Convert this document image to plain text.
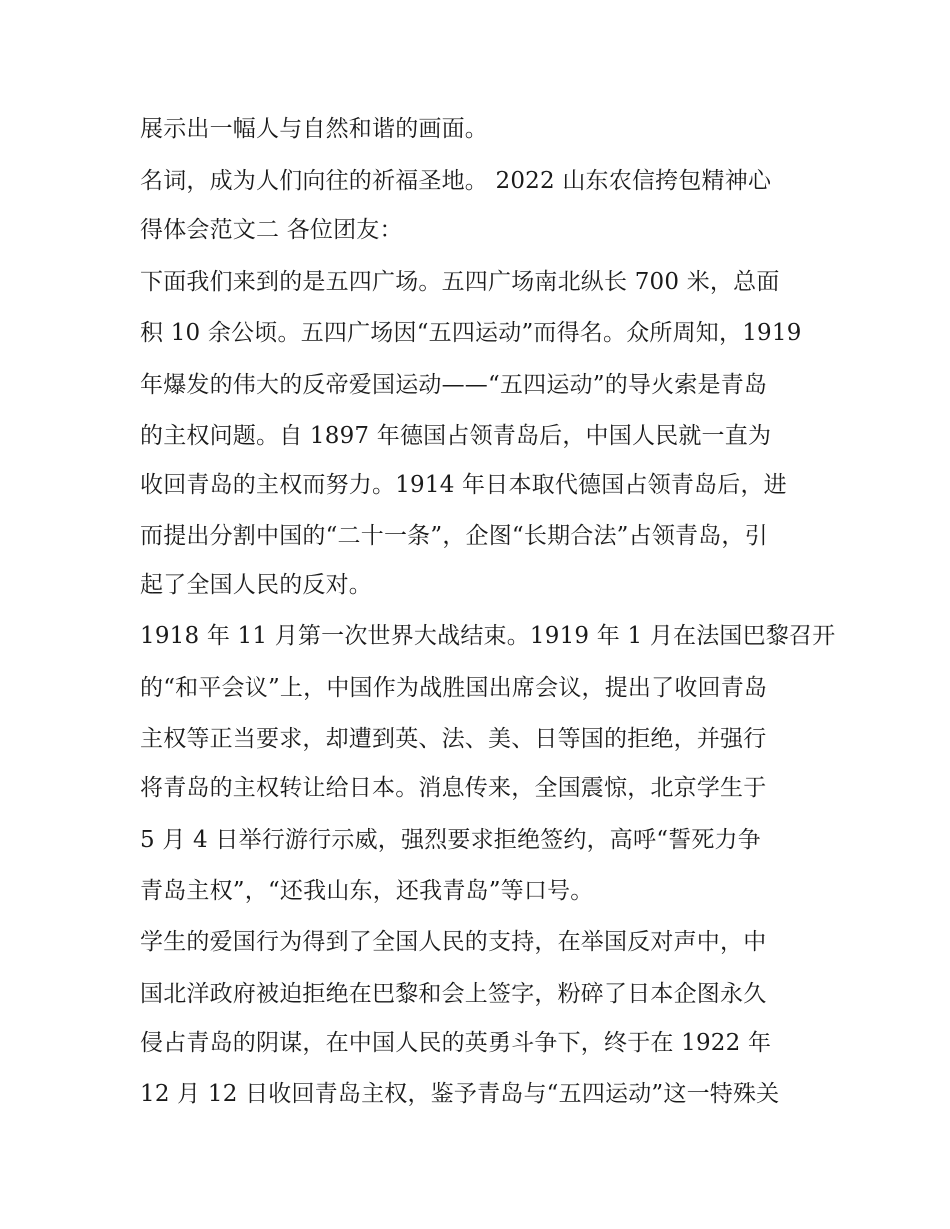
展示出一幅人与自然和谐的画面。
名词，成为人们向往的祈福圣地。 2022 山东农信挎包精神心
得体会范文二 各位团友：
下面我们来到的是五四广场。五四广场南北纵长 700 米，总面
积 10 余公顷。五四广场因“五四运动”而得名。众所周知，1919
年爆发的伟大的反帝爱国运动——“五四运动”的导火索是青岛
的主权问题。自 1897 年德国占领青岛后，中国人民就一直为
收回青岛的主权而努力。1914 年日本取代德国占领青岛后，进
而提出分割中国的“二十一条”，企图“长期合法”占领青岛，引
起了全国人民的反对。
1918 年 11 月第一次世界大战结束。1919 年 1 月在法国巴黎召开
的“和平会议”上，中国作为战胜国出席会议，提出了收回青岛
主权等正当要求，却遭到英、法、美、日等国的拒绝，并强行
将青岛的主权转让给日本。消息传来，全国震惊，北京学生于
5 月 4 日举行游行示威，强烈要求拒绝签约，高呼“誓死力争
青岛主权”，“还我山东，还我青岛”等口号。
学生的爱国行为得到了全国人民的支持，在举国反对声中，中
国北洋政府被迫拒绝在巴黎和会上签字，粉碎了日本企图永久
侵占青岛的阴谋，在中国人民的英勇斗争下，终于在 1922 年
12 月 12 日收回青岛主权，鉴予青岛与“五四运动”这一特殊关
